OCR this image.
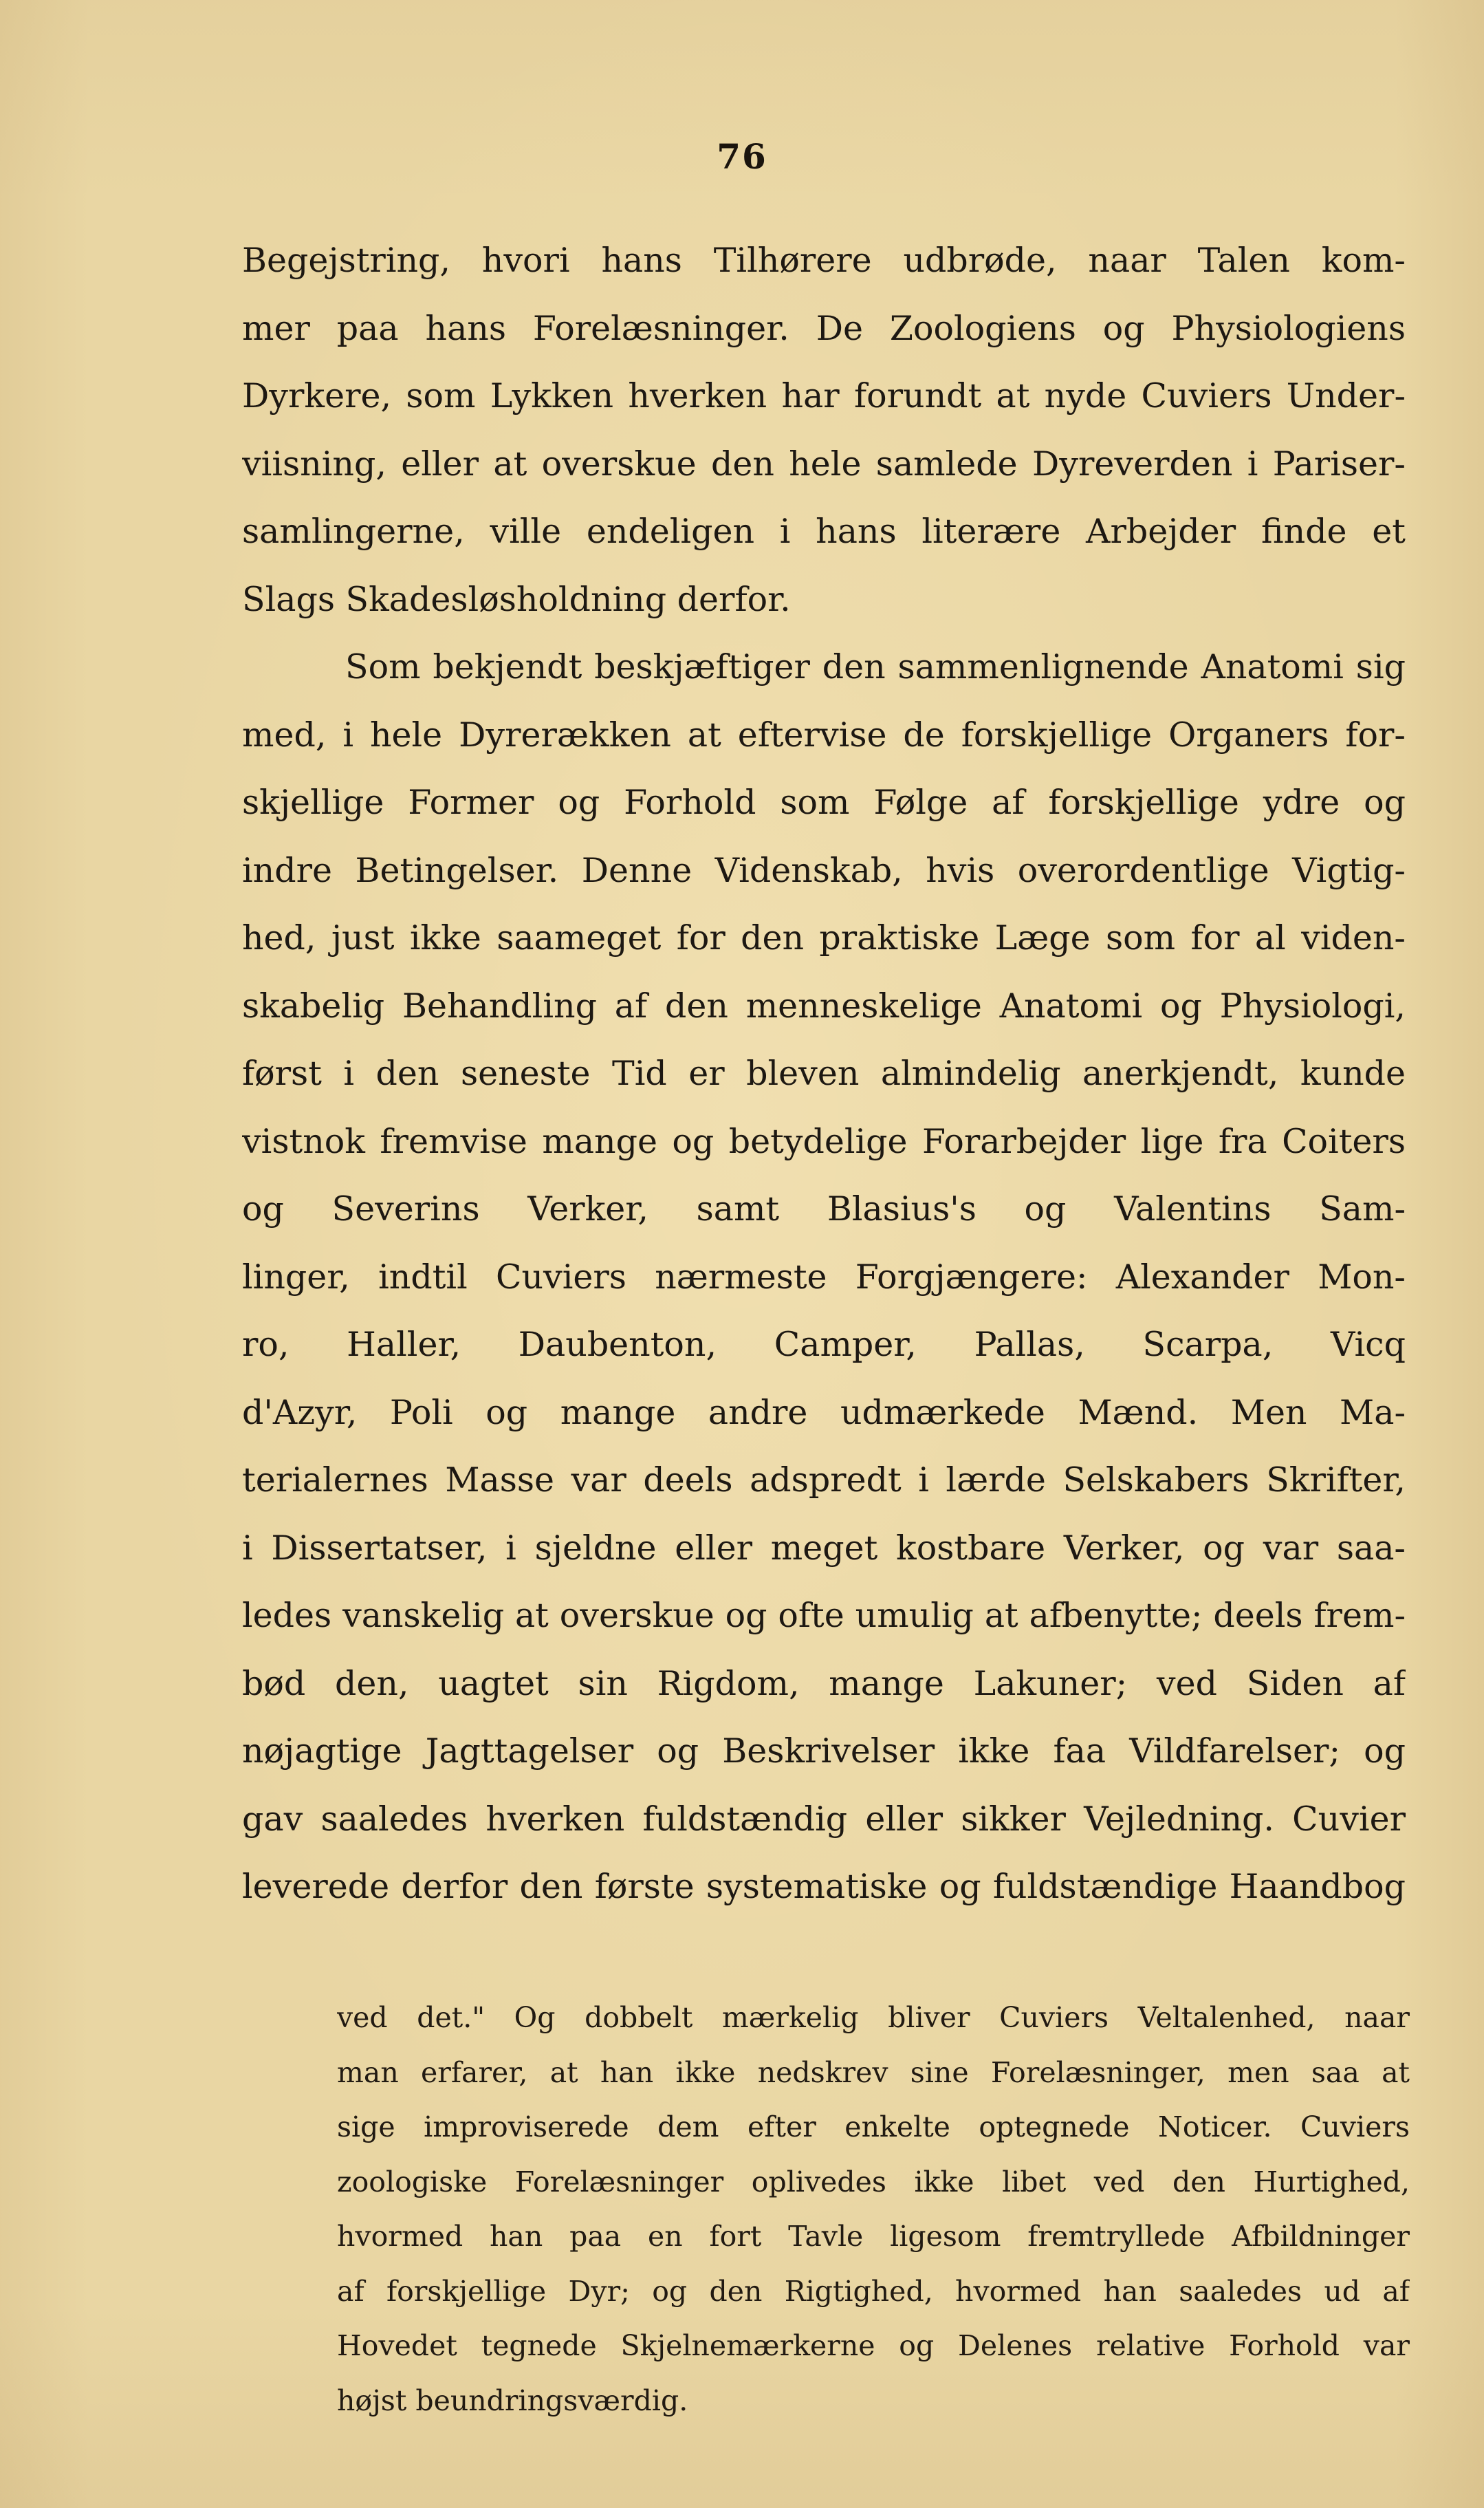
76
Begejstring, hvori hans Tilhørere udbrøde, naar Talen kom-
mer paa hans Forelæsninger. De Zoologiens og Physiologiens
Dyrkere, som Lykken hverken har forundt at nyde Cuviers Under-
viisning, eller at overskue den hele samlede Dyreverden i Pariser-
samlingerne, ville endeligen i hans literære Arbejder finde et
Slags Skadesløsholdning derfor.
Som bekjendt beskjæftiger den sammenlignende Anatomi sig
med, i hele Dyrerækken at eftervise de forskjellige Organers for-
skjellige Former og Forhold som Følge af forskjellige ydre og
indre Betingelser. Denne Videnskab, hvis overordentlige Vigtig-
hed, just ikke saameget for den praktiske Læge som for al viden-
skabelig Behandling af den menneskelige Anatomi og Physiologi,
først i den seneste Tid er bleven almindelig anerkjendt, kunde
vistnok fremvise mange og betydelige Forarbejder lige fra Coiters
og Severins Verker, samt Blasius's og Valentins Sam-
linger, indtil Cuviers nærmeste Forgjængere: Alexander Mon-
ro, Haller, Daubenton, Camper, Pallas, Scarpa, Vicq
d'Azyr, Poli og mange andre udmærkede Mænd. Men Ma-
terialernes Masse var deels adspredt i lærde Selskabers Skrifter,
i Dissertatser, i sjeldne eller meget kostbare Verker, og var saa-
ledes vanskelig at overskue og ofte umulig at afbenytte; deels frem-
bød den, uagtet sin Rigdom, mange Lakuner; ved Siden af
nøjagtige Jagttagelser og Beskrivelser ikke faa Vildfarelser; og
gav saaledes hverken fuldstændig eller sikker Vejledning. Cuvier
leverede derfor den første systematiske og fuldstændige Haandbog
ved det." Og dobbelt mærkelig bliver Cuviers Veltalenhed, naar
man erfarer, at han ikke nedskrev sine Forelæsninger, men saa at
sige improviserede dem efter enkelte optegnede Noticer. Cuviers
zoologiske Forelæsninger oplivedes ikke libet ved den Hurtighed,
hvormed han paa en fort Tavle ligesom fremtryllede Afbildninger
af forskjellige Dyr; og den Rigtighed, hvormed han saaledes ud af
Hovedet tegnede Skjelnemærkerne og Delenes relative Forhold var
højst beundringsværdig.
